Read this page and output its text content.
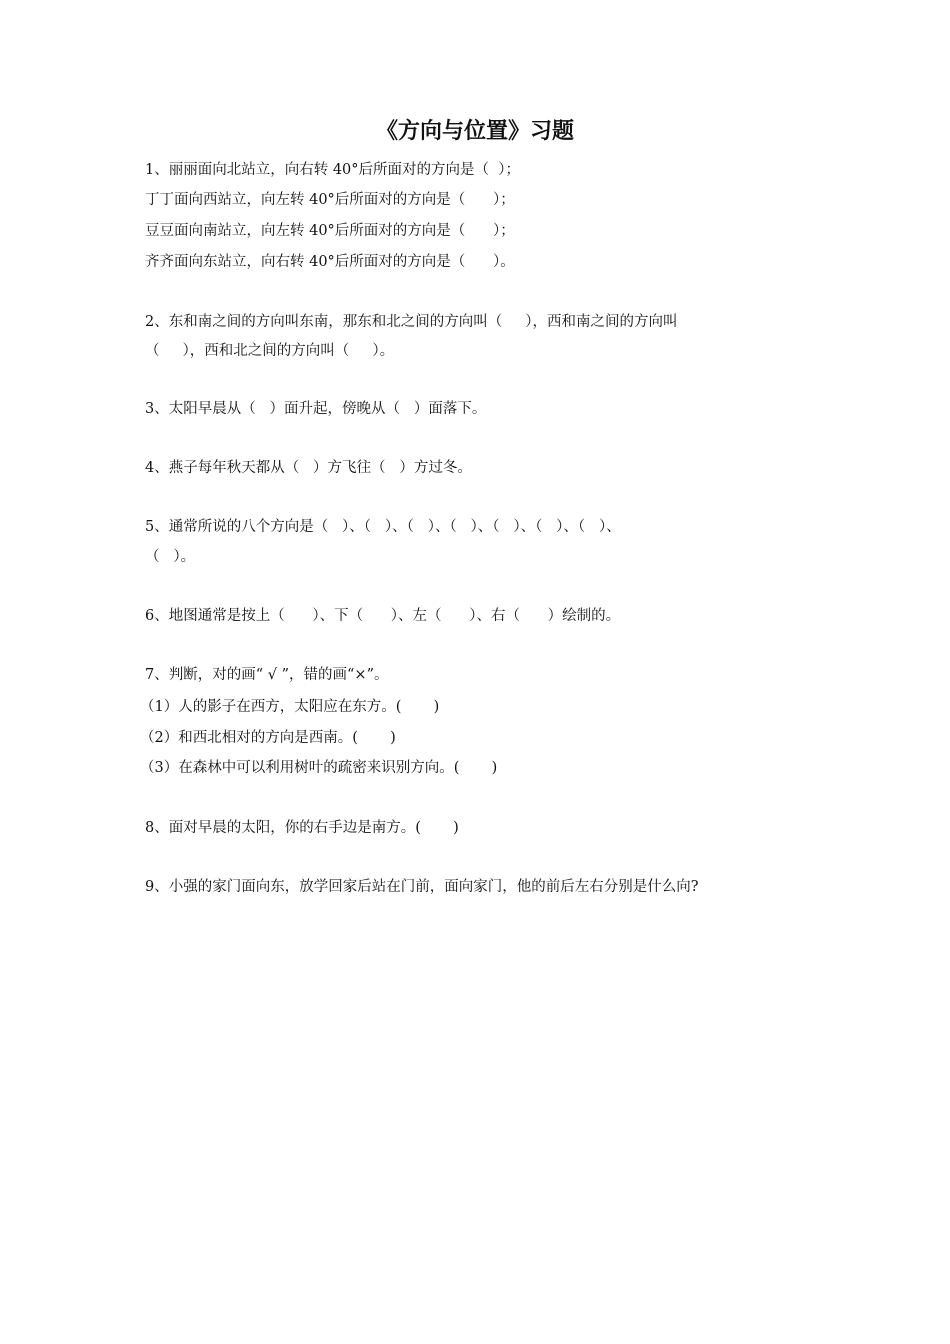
《方向与位置》习题
1、丽丽面向北站立，向右转 40°后所面对的方向是（  ）；
丁丁面向西站立，向左转 40°后所面对的方向是（      ）；
豆豆面向南站立，向左转 40°后所面对的方向是（      ）；
齐齐面向东站立，向右转 40°后所面对的方向是（      ）。
2、东和南之间的方向叫东南，那东和北之间的方向叫（     ），西和南之间的方向叫
（     ），西和北之间的方向叫（     ）。
3、太阳早晨从（   ）面升起，傍晚从（   ）面落下。
4、燕子每年秋天都从（   ）方飞往（   ）方过冬。
5、通常所说的八个方向是（   ）、（   ）、（   ）、（   ）、（   ）、（   ）、（   ）、
（   ）。
6、地图通常是按上（      ）、下（      ）、左（      ）、右（      ）绘制的。
7、判断，对的画“ √ ”，错的画“×”。
（1）人的影子在西方，太阳应在东方。(       )
（2）和西北相对的方向是西南。(       )
（3）在森林中可以利用树叶的疏密来识别方向。(       )
8、面对早晨的太阳，你的右手边是南方。(       )
9、小强的家门面向东，放学回家后站在门前，面向家门，他的前后左右分别是什么向?
